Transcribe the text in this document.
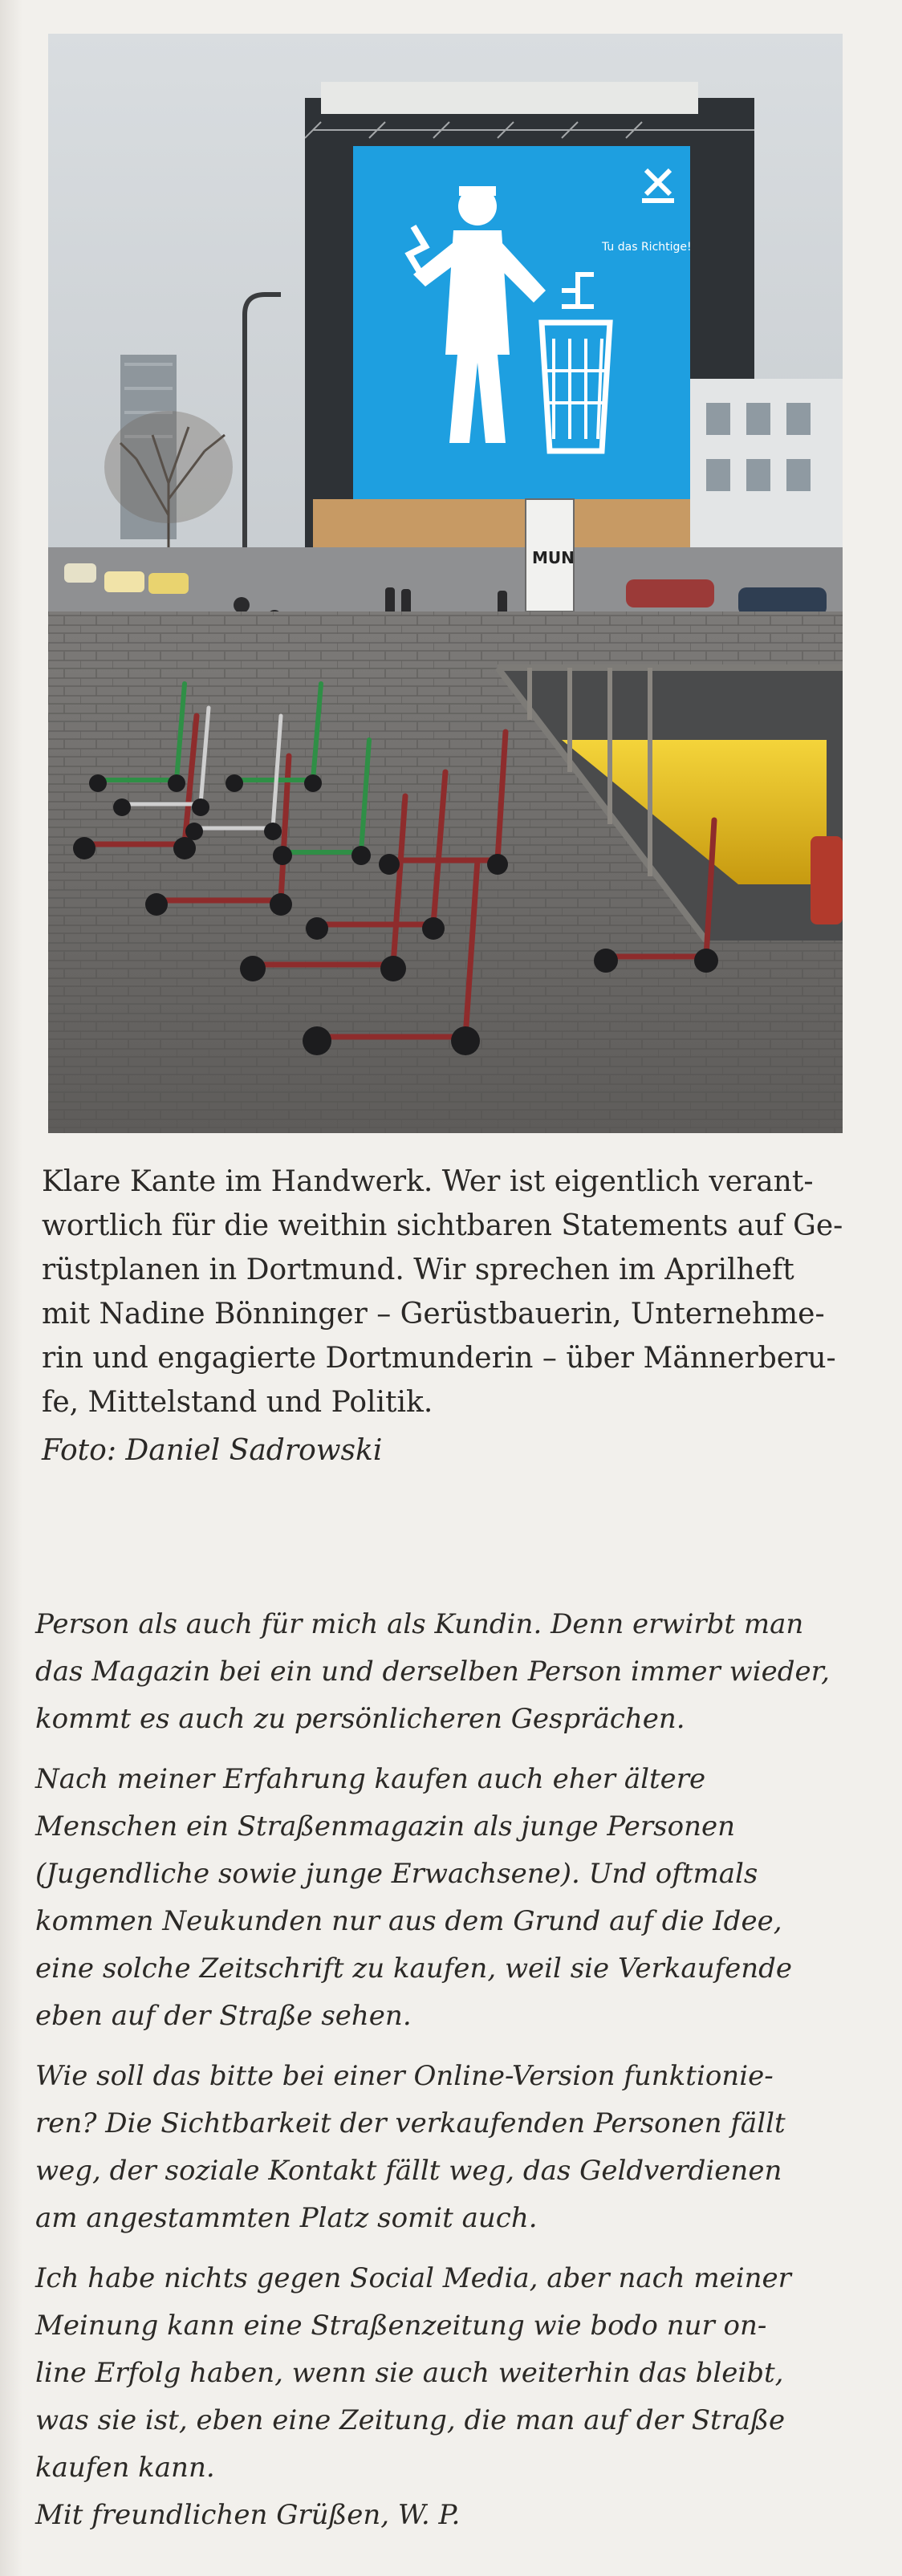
Tu das Richtige!
MUN
Klare Kante im Handwerk. Wer ist eigentlich verant-
wortlich für die weithin sichtbaren Statements auf Ge-
rüstplanen in Dortmund. Wir sprechen im Aprilheft
mit Nadine Bönninger – Gerüstbauerin, Unternehme-
rin und engagierte Dortmunderin – über Männerberu-
fe, Mittelstand und Politik.
Foto: Daniel Sadrowski
Person als auch für mich als Kundin. Denn erwirbt man
das Magazin bei ein und derselben Person immer wieder,
kommt es auch zu persönlicheren Gesprächen.
Nach meiner Erfahrung kaufen auch eher ältere
Menschen ein Straßenmagazin als junge Personen
(Jugendliche sowie junge Erwachsene). Und oftmals
kommen Neukunden nur aus dem Grund auf die Idee,
eine solche Zeitschrift zu kaufen, weil sie Verkaufende
eben auf der Straße sehen.
Wie soll das bitte bei einer Online-Version funktionie-
ren? Die Sichtbarkeit der verkaufenden Personen fällt
weg, der soziale Kontakt fällt weg, das Geldverdienen
am angestammten Platz somit auch.
Ich habe nichts gegen Social Media, aber nach meiner
Meinung kann eine Straßenzeitung wie bodo nur on-
line Erfolg haben, wenn sie auch weiterhin das bleibt,
was sie ist, eben eine Zeitung, die man auf der Straße
kaufen kann.
Mit freundlichen Grüßen, W. P.
